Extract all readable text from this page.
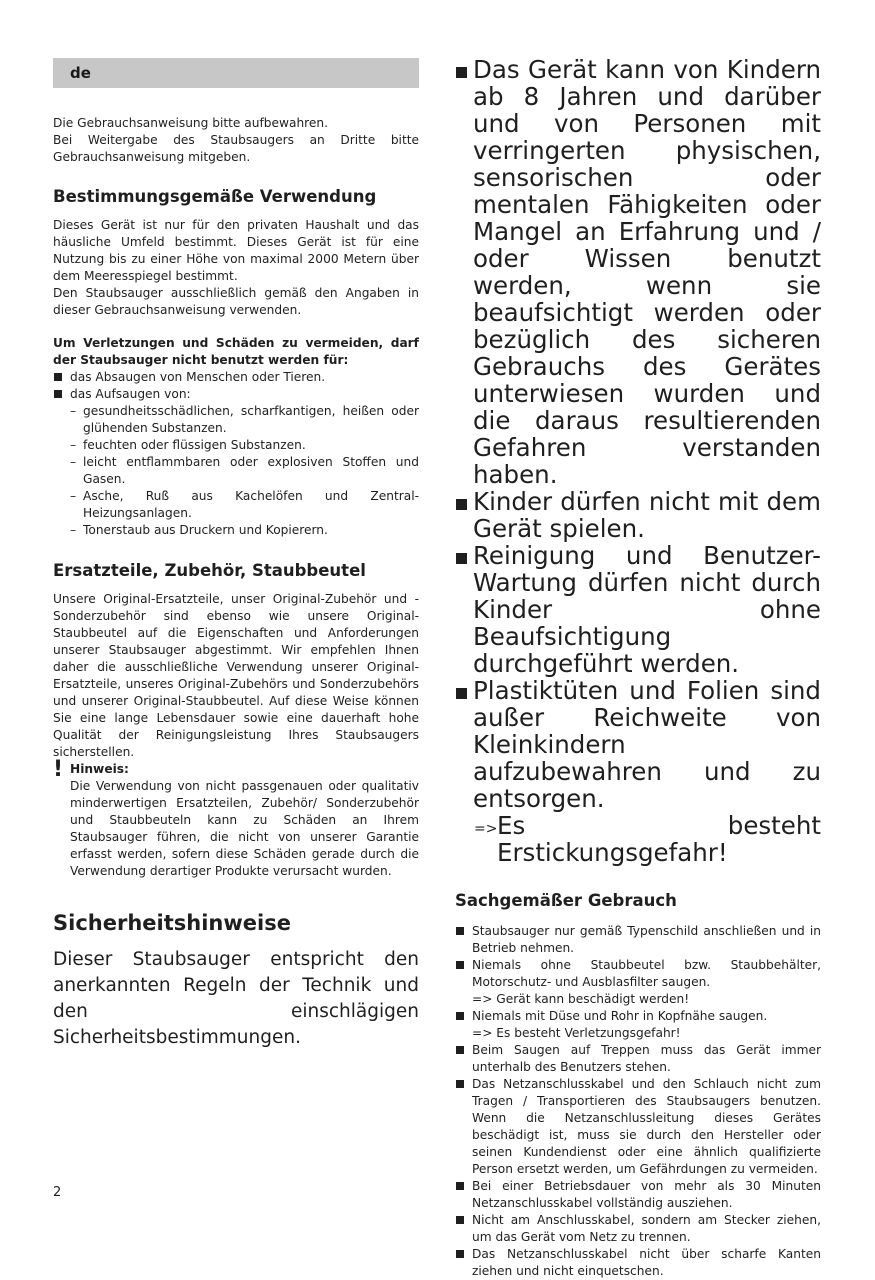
de

Die Gebrauchsanweisung bitte aufbewahren.

Bei Weitergabe des Staubsaugers an Dritte bitte Gebrauchsanweisung mitgeben.

Bestimmungsgemäße Verwendung

Dieses Gerät ist nur für den privaten Haushalt und das häusliche Umfeld bestimmt. Dieses Gerät ist für eine Nutzung bis zu einer Höhe von maximal 2000 Metern über dem Meeresspiegel bestimmt.

Den Staubsauger ausschließlich gemäß den Angaben in dieser Gebrauchsanweisung verwenden.

Um Verletzungen und Schäden zu vermeiden, darf der Staubsauger nicht benutzt werden für:

das Absaugen von Menschen oder Tieren.
das Aufsaugen von:
– gesundheitsschädlichen, scharfkantigen, heißen oder glühenden Substanzen.
– feuchten oder flüssigen Substanzen.
– leicht entflammbaren oder explosiven Stoffen und Gasen.
– Asche, Ruß aus Kachelöfen und Zentral-Heizungsanlagen.
– Tonerstaub aus Druckern und Kopierern.
Ersatzteile, Zubehör, Staubbeutel

Unsere Original-Ersatzteile, unser Original-Zubehör und -Sonderzubehör sind ebenso wie unsere Original-Staubbeutel auf die Eigenschaften und Anforderungen unserer Staubsauger abgestimmt. Wir empfehlen Ihnen daher die ausschließliche Verwendung unserer Original-Ersatzteile, unseres Original-Zubehörs und Sonderzubehörs und unserer Original-Staubbeutel. Auf diese Weise können Sie eine lange Lebensdauer sowie eine dauerhaft hohe Qualität der Reinigungsleistung Ihres Staubsaugers sicherstellen.

! Hinweis:

Die Verwendung von nicht passgenauen oder qualitativ minderwertigen Ersatzteilen, Zubehör/ Sonderzubehör und Staubbeuteln kann zu Schäden an Ihrem Staubsauger führen, die nicht von unserer Garantie erfasst werden, sofern diese Schäden gerade durch die Verwendung derartiger Produkte verursacht wurden.

Sicherheitshinweise

Dieser Staubsauger entspricht den anerkannten Regeln der Technik und den einschlägigen Sicherheitsbestimmungen.

Das Gerät kann von Kindern ab 8 Jahren und darüber und von Personen mit verringerten physischen, sensorischen oder mentalen Fähigkeiten oder Mangel an Erfahrung und / oder Wissen benutzt werden, wenn sie beaufsichtigt werden oder bezüglich des sicheren Gebrauchs des Gerätes unterwiesen wurden und die daraus resultierenden Gefahren verstanden haben.
Kinder dürfen nicht mit dem Gerät spielen.
Reinigung und Benutzer-Wartung dürfen nicht durch Kinder ohne Beaufsichtigung durchgeführt werden.
Plastiktüten und Folien sind außer Reichweite von Kleinkindern aufzubewahren und zu entsorgen.
=> Es besteht Erstickungsgefahr!
Sachgemäßer Gebrauch
Staubsauger nur gemäß Typenschild anschließen und in Betrieb nehmen.
Niemals ohne Staubbeutel bzw. Staubbehälter, Motorschutz- und Ausblasfilter saugen.
=> Gerät kann beschädigt werden!
Niemals mit Düse und Rohr in Kopfnähe saugen.
=> Es besteht Verletzungsgefahr!
Beim Saugen auf Treppen muss das Gerät immer unterhalb des Benutzers stehen.
Das Netzanschlusskabel und den Schlauch nicht zum Tragen / Transportieren des Staubsaugers benutzen. Wenn die Netzanschlussleitung dieses Gerätes beschädigt ist, muss sie durch den Hersteller oder seinen Kundendienst oder eine ähnlich qualifizierte Person ersetzt werden, um Gefährdungen zu vermeiden.
Bei einer Betriebsdauer von mehr als 30 Minuten Netzanschlusskabel vollständig ausziehen.
Nicht am Anschlusskabel, sondern am Stecker ziehen, um das Gerät vom Netz zu trennen.
Das Netzanschlusskabel nicht über scharfe Kanten ziehen und nicht einquetschen.
2
